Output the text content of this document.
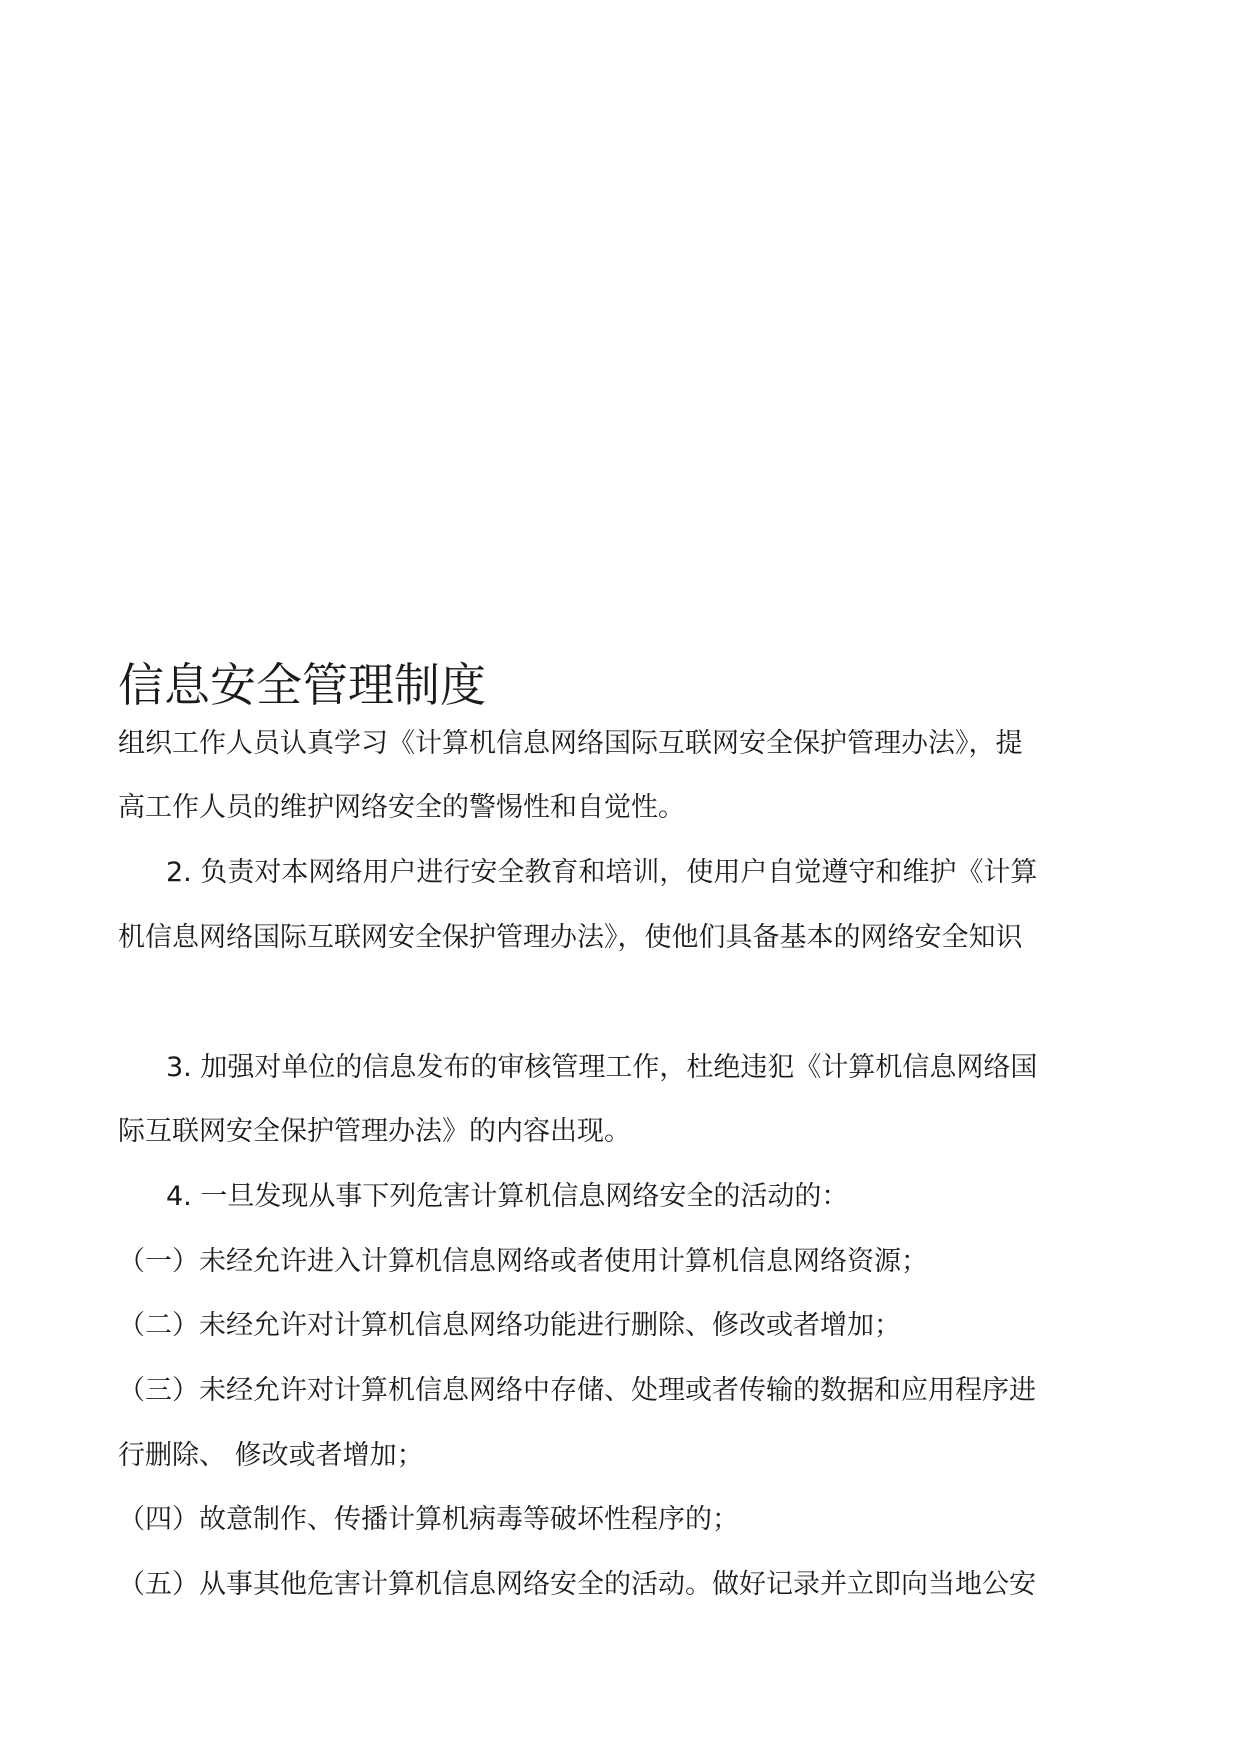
信息安全管理制度

组织工作人员认真学习《计算机信息网络国际互联网安全保护管理办法》，提

高工作人员的维护网络安全的警惕性和自觉性。

2. 负责对本网络用户进行安全教育和培训，使用户自觉遵守和维护《计算

机信息网络国际互联网安全保护管理办法》，使他们具备基本的网络安全知识

3. 加强对单位的信息发布的审核管理工作，杜绝违犯《计算机信息网络国

际互联网安全保护管理办法》的内容出现。

4. 一旦发现从事下列危害计算机信息网络安全的活动的：

（一）未经允许进入计算机信息网络或者使用计算机信息网络资源；

（二）未经允许对计算机信息网络功能进行删除、修改或者增加；

（三）未经允许对计算机信息网络中存储、处理或者传输的数据和应用程序进

行删除、 修改或者增加；

（四）故意制作、传播计算机病毒等破坏性程序的；

（五）从事其他危害计算机信息网络安全的活动。做好记录并立即向当地公安
